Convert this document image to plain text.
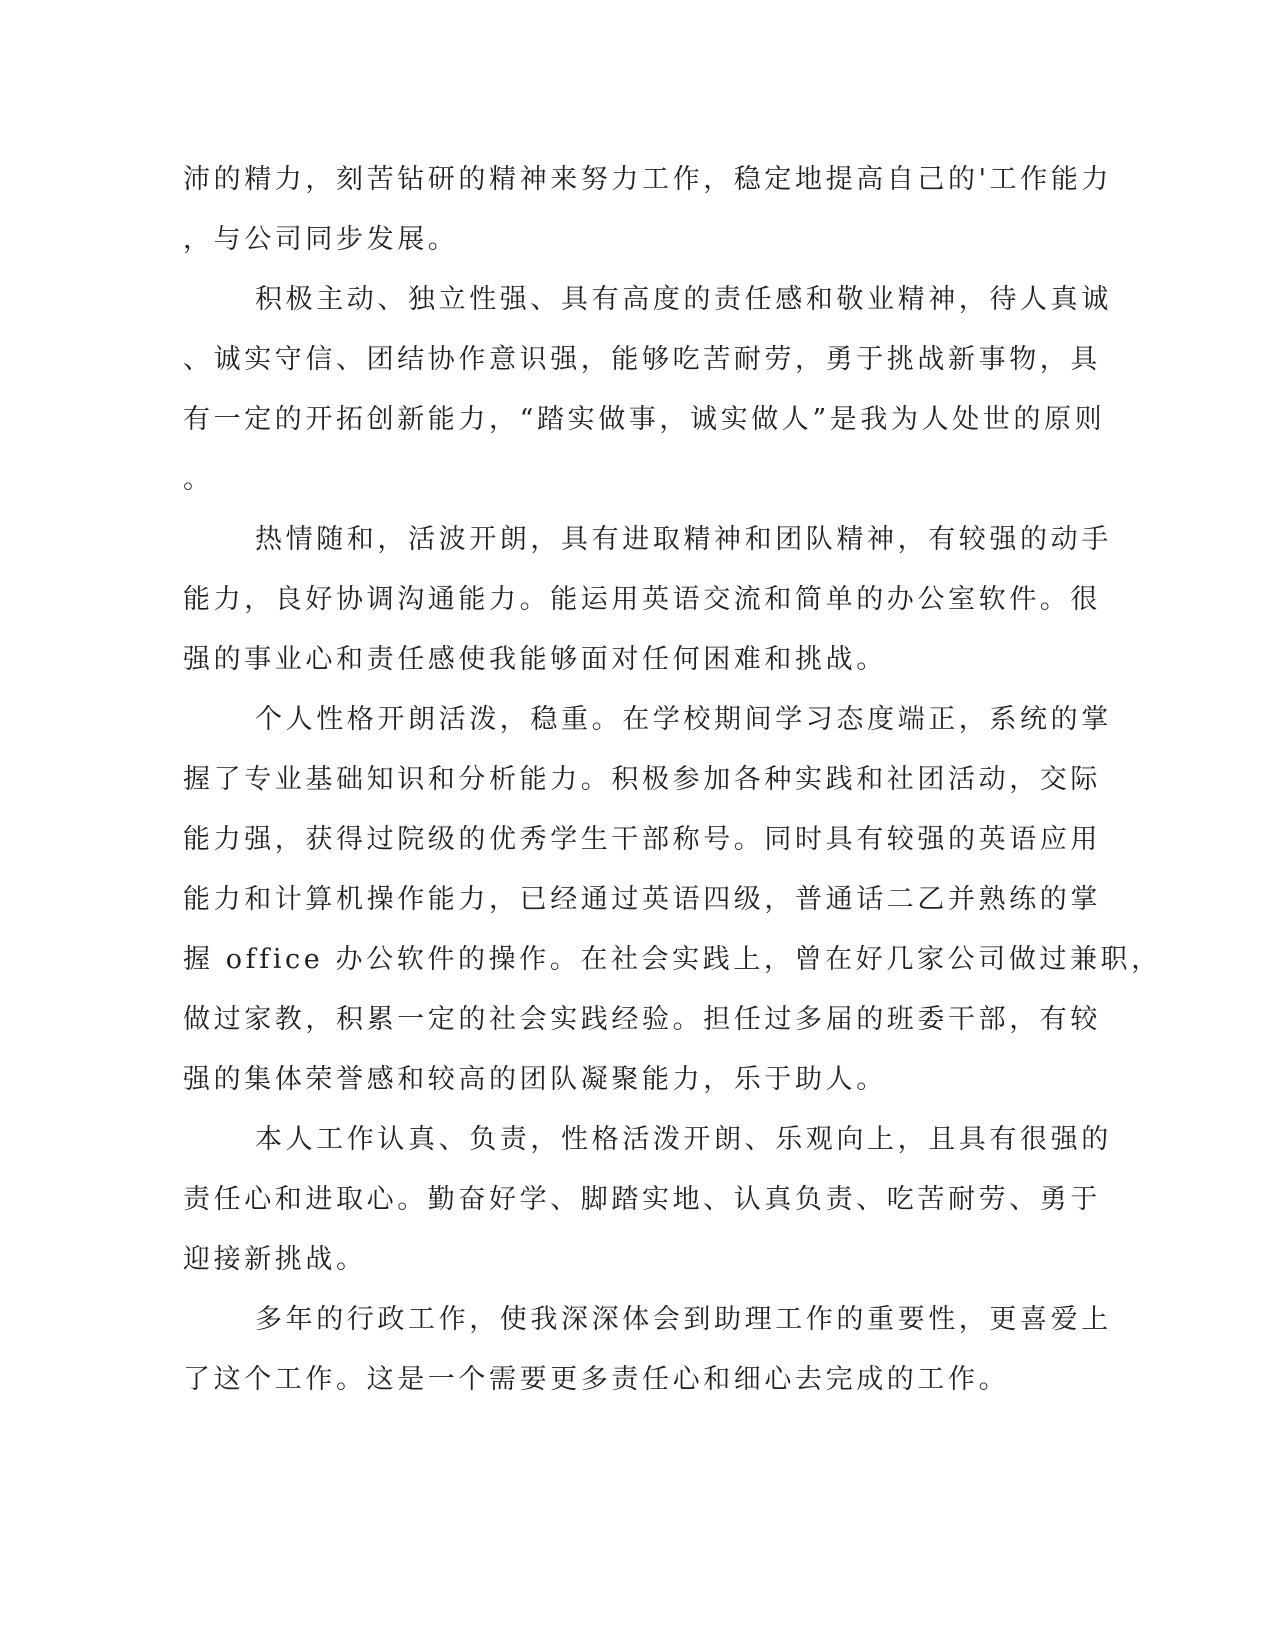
沛的精力，刻苦钻研的精神来努力工作，稳定地提高自己的'工作能力
，与公司同步发展。
积极主动、独立性强、具有高度的责任感和敬业精神，待人真诚
、诚实守信、团结协作意识强，能够吃苦耐劳，勇于挑战新事物，具
有一定的开拓创新能力，“踏实做事，诚实做人”是我为人处世的原则
。
热情随和，活波开朗，具有进取精神和团队精神，有较强的动手
能力，良好协调沟通能力。能运用英语交流和简单的办公室软件。很
强的事业心和责任感使我能够面对任何困难和挑战。
个人性格开朗活泼，稳重。在学校期间学习态度端正，系统的掌
握了专业基础知识和分析能力。积极参加各种实践和社团活动，交际
能力强，获得过院级的优秀学生干部称号。同时具有较强的英语应用
能力和计算机操作能力，已经通过英语四级，普通话二乙并熟练的掌
握 office 办公软件的操作。在社会实践上，曾在好几家公司做过兼职，
做过家教，积累一定的社会实践经验。担任过多届的班委干部，有较
强的集体荣誉感和较高的团队凝聚能力，乐于助人。
本人工作认真、负责，性格活泼开朗、乐观向上，且具有很强的
责任心和进取心。勤奋好学、脚踏实地、认真负责、吃苦耐劳、勇于
迎接新挑战。
多年的行政工作，使我深深体会到助理工作的重要性，更喜爱上
了这个工作。这是一个需要更多责任心和细心去完成的工作。
